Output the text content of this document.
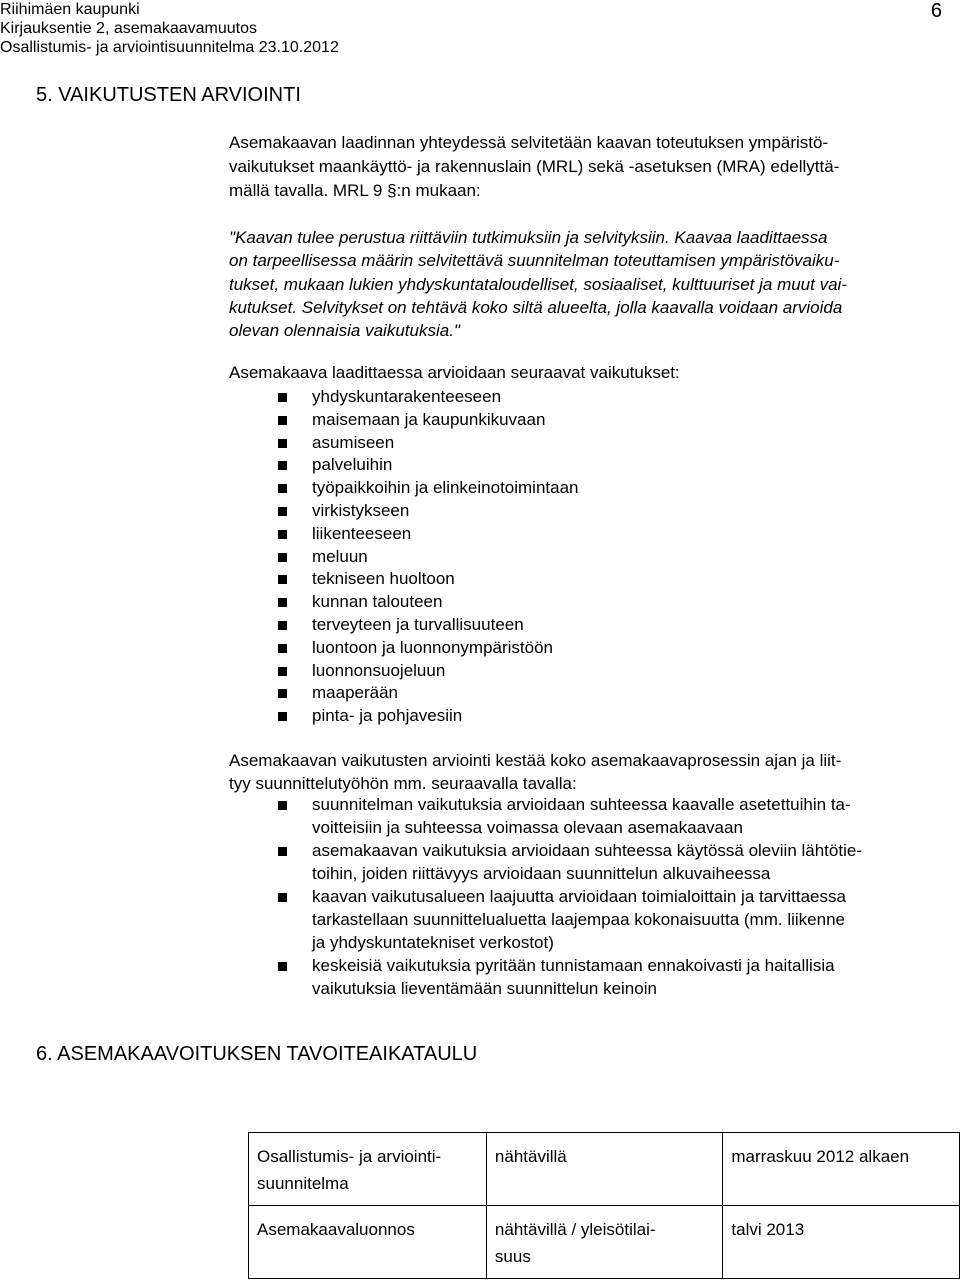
Riihimäen kaupunki
Kirjauksentie 2, asemakaavamuutos
Osallistumis- ja arviointisuunnitelma 23.10.2012
6
5. VAIKUTUSTEN ARVIOINTI
Asemakaavan laadinnan yhteydessä selvitetään kaavan toteutuksen ympäristö-
vaikutukset maankäyttö- ja rakennuslain (MRL) sekä -asetuksen (MRA) edellyttä-
mällä tavalla. MRL 9 §:n mukaan:
"Kaavan tulee perustua riittäviin tutkimuksiin ja selvityksiin. Kaavaa laadittaessa
on tarpeellisessa määrin selvitettävä suunnitelman toteuttamisen ympäristövaiku-
tukset, mukaan lukien yhdyskuntataloudelliset, sosiaaliset, kulttuuriset ja muut vai-
kutukset. Selvitykset on tehtävä koko siltä alueelta, jolla kaavalla voidaan arvioida
olevan olennaisia vaikutuksia."
Asemakaava laadittaessa arvioidaan seuraavat vaikutukset:
yhdyskuntarakenteeseen
maisemaan ja kaupunkikuvaan
asumiseen
palveluihin
työpaikkoihin ja elinkeinotoimintaan
virkistykseen
liikenteeseen
meluun
tekniseen huoltoon
kunnan talouteen
terveyteen ja turvallisuuteen
luontoon ja luonnonympäristöön
luonnonsuojeluun
maaperään
pinta- ja pohjavesiin
Asemakaavan vaikutusten arviointi kestää koko asemakaavaprosessin ajan ja liit-
tyy suunnittelutyöhön mm. seuraavalla tavalla:
suunnitelman vaikutuksia arvioidaan suhteessa kaavalle asetettuihin ta-
voitteisiin ja suhteessa voimassa olevaan asemakaavaan
asemakaavan vaikutuksia arvioidaan suhteessa käytössä oleviin lähtötie-
toihin, joiden riittävyys arvioidaan suunnittelun alkuvaiheessa
kaavan vaikutusalueen laajuutta arvioidaan toimialoittain ja tarvittaessa
tarkastellaan suunnittelualuetta laajempaa kokonaisuutta (mm. liikenne
ja yhdyskuntatekniset verkostot)
keskeisiä vaikutuksia pyritään tunnistamaan ennakoivasti ja haitallisia
vaikutuksia lieventämään suunnittelun keinoin
6. ASEMAKAAVOITUKSEN TAVOITEAIKATAULU
Osallistumis- ja arviointi-
suunnitelma	nähtävillä	marraskuu 2012 alkaen
Asemakaavaluonnos	nähtävillä / yleisötilai-
suus	talvi 2013
